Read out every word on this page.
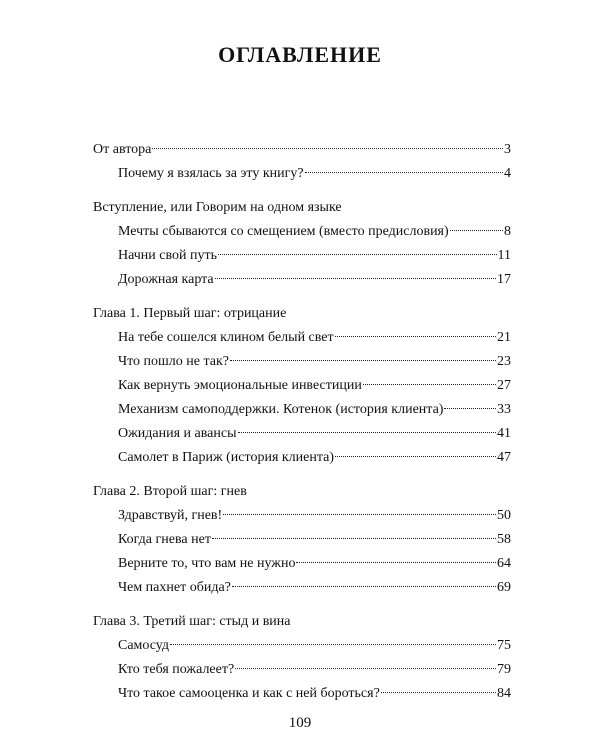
ОГЛАВЛЕНИЕ
От автора	3
Почему я взялась за эту книгу?	4
Вступление, или Говорим на одном языке
Мечты сбываются со смещением (вместо предисловия)	8
Начни свой путь	11
Дорожная карта	17
Глава 1. Первый шаг: отрицание
На тебе сошелся клином белый свет	21
Что пошло не так?	23
Как вернуть эмоциональные инвестиции	27
Механизм самоподдержки. Котенок (история клиента)	33
Ожидания и авансы	41
Самолет в Париж (история клиента)	47
Глава 2. Второй шаг: гнев
Здравствуй, гнев!	50
Когда гнева нет	58
Верните то, что вам не нужно	64
Чем пахнет обида?	69
Глава 3. Третий шаг: стыд и вина
Самосуд	75
Кто тебя пожалеет?	79
Что такое самооценка и как с ней бороться?	84
109
